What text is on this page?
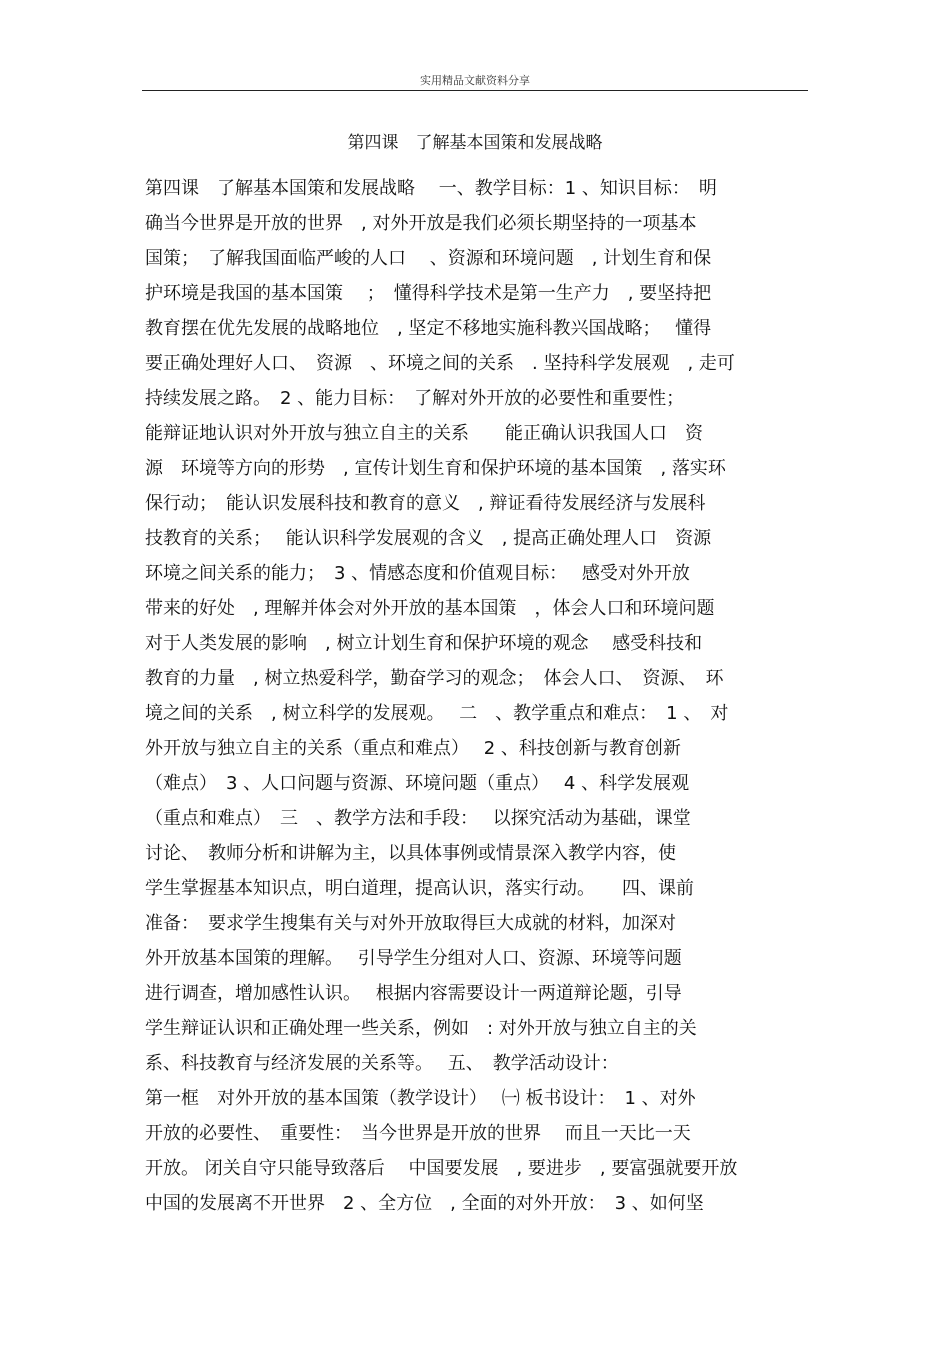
实用精品文献资料分享
第四课　了解基本国策和发展战略
第四课　了解基本国策和发展战略　 一、教学目标：1 、知识目标：　明
确当今世界是开放的世界　, 对外开放是我们必须长期坚持的一项基本
国策；　了解我国面临严峻的人口　 、资源和环境问题　, 计划生育和保
护环境是我国的基本国策　 ；　懂得科学技术是第一生产力　, 要坚持把
教育摆在优先发展的战略地位　, 坚定不移地实施科教兴国战略；　 懂得
要正确处理好人口、　资源　、环境之间的关系　. 坚持科学发展观　, 走可
持续发展之路。　2 、能力目标：　了解对外开放的必要性和重要性；
能辩证地认识对外开放与独立自主的关系　　能正确认识我国人口　资
源　环境等方向的形势　, 宣传计划生育和保护环境的基本国策　, 落实环
保行动；　能认识发展科技和教育的意义　, 辩证看待发展经济与发展科
技教育的关系；　 能认识科学发展观的含义　, 提高正确处理人口　资源
环境之间关系的能力；　3 、情感态度和价值观目标：　 感受对外开放
带来的好处　, 理解并体会对外开放的基本国策　，体会人口和环境问题
对于人类发展的影响　, 树立计划生育和保护环境的观念　 感受科技和
教育的力量　, 树立热爱科学，勤奋学习的观念；　体会人口、　资源、　环
境之间的关系　, 树立科学的发展观。　 二　、教学重点和难点：　1 、　对
外开放与独立自主的关系（重点和难点）　 2 、科技创新与教育创新
（难点）　3 、人口问题与资源、环境问题（重点）　 4 、科学发展观
（重点和难点）　三　、教学方法和手段：　 以探究活动为基础，课堂
讨论、　教师分析和讲解为主，以具体事例或情景深入教学内容，使
学生掌握基本知识点，明白道理，提高认识，落实行动。　　四、课前
准备：　要求学生搜集有关与对外开放取得巨大成就的材料，加深对
外开放基本国策的理解。　 引导学生分组对人口、资源、环境等问题
进行调查，增加感性认识。　 根据内容需要设计一两道辩论题，引导
学生辩证认识和正确处理一些关系，例如　: 对外开放与独立自主的关
系、科技教育与经济发展的关系等。　 五、　教学活动设计：
第一框　对外开放的基本国策（教学设计）　 ㈠ 板书设计：　1 、对外
开放的必要性、　重要性：　当今世界是开放的世界　 而且一天比一天
开放。 闭关自守只能导致落后　 中国要发展　, 要进步　, 要富强就要开放
中国的发展离不开世界　2 、全方位　, 全面的对外开放：　3 、如何坚
